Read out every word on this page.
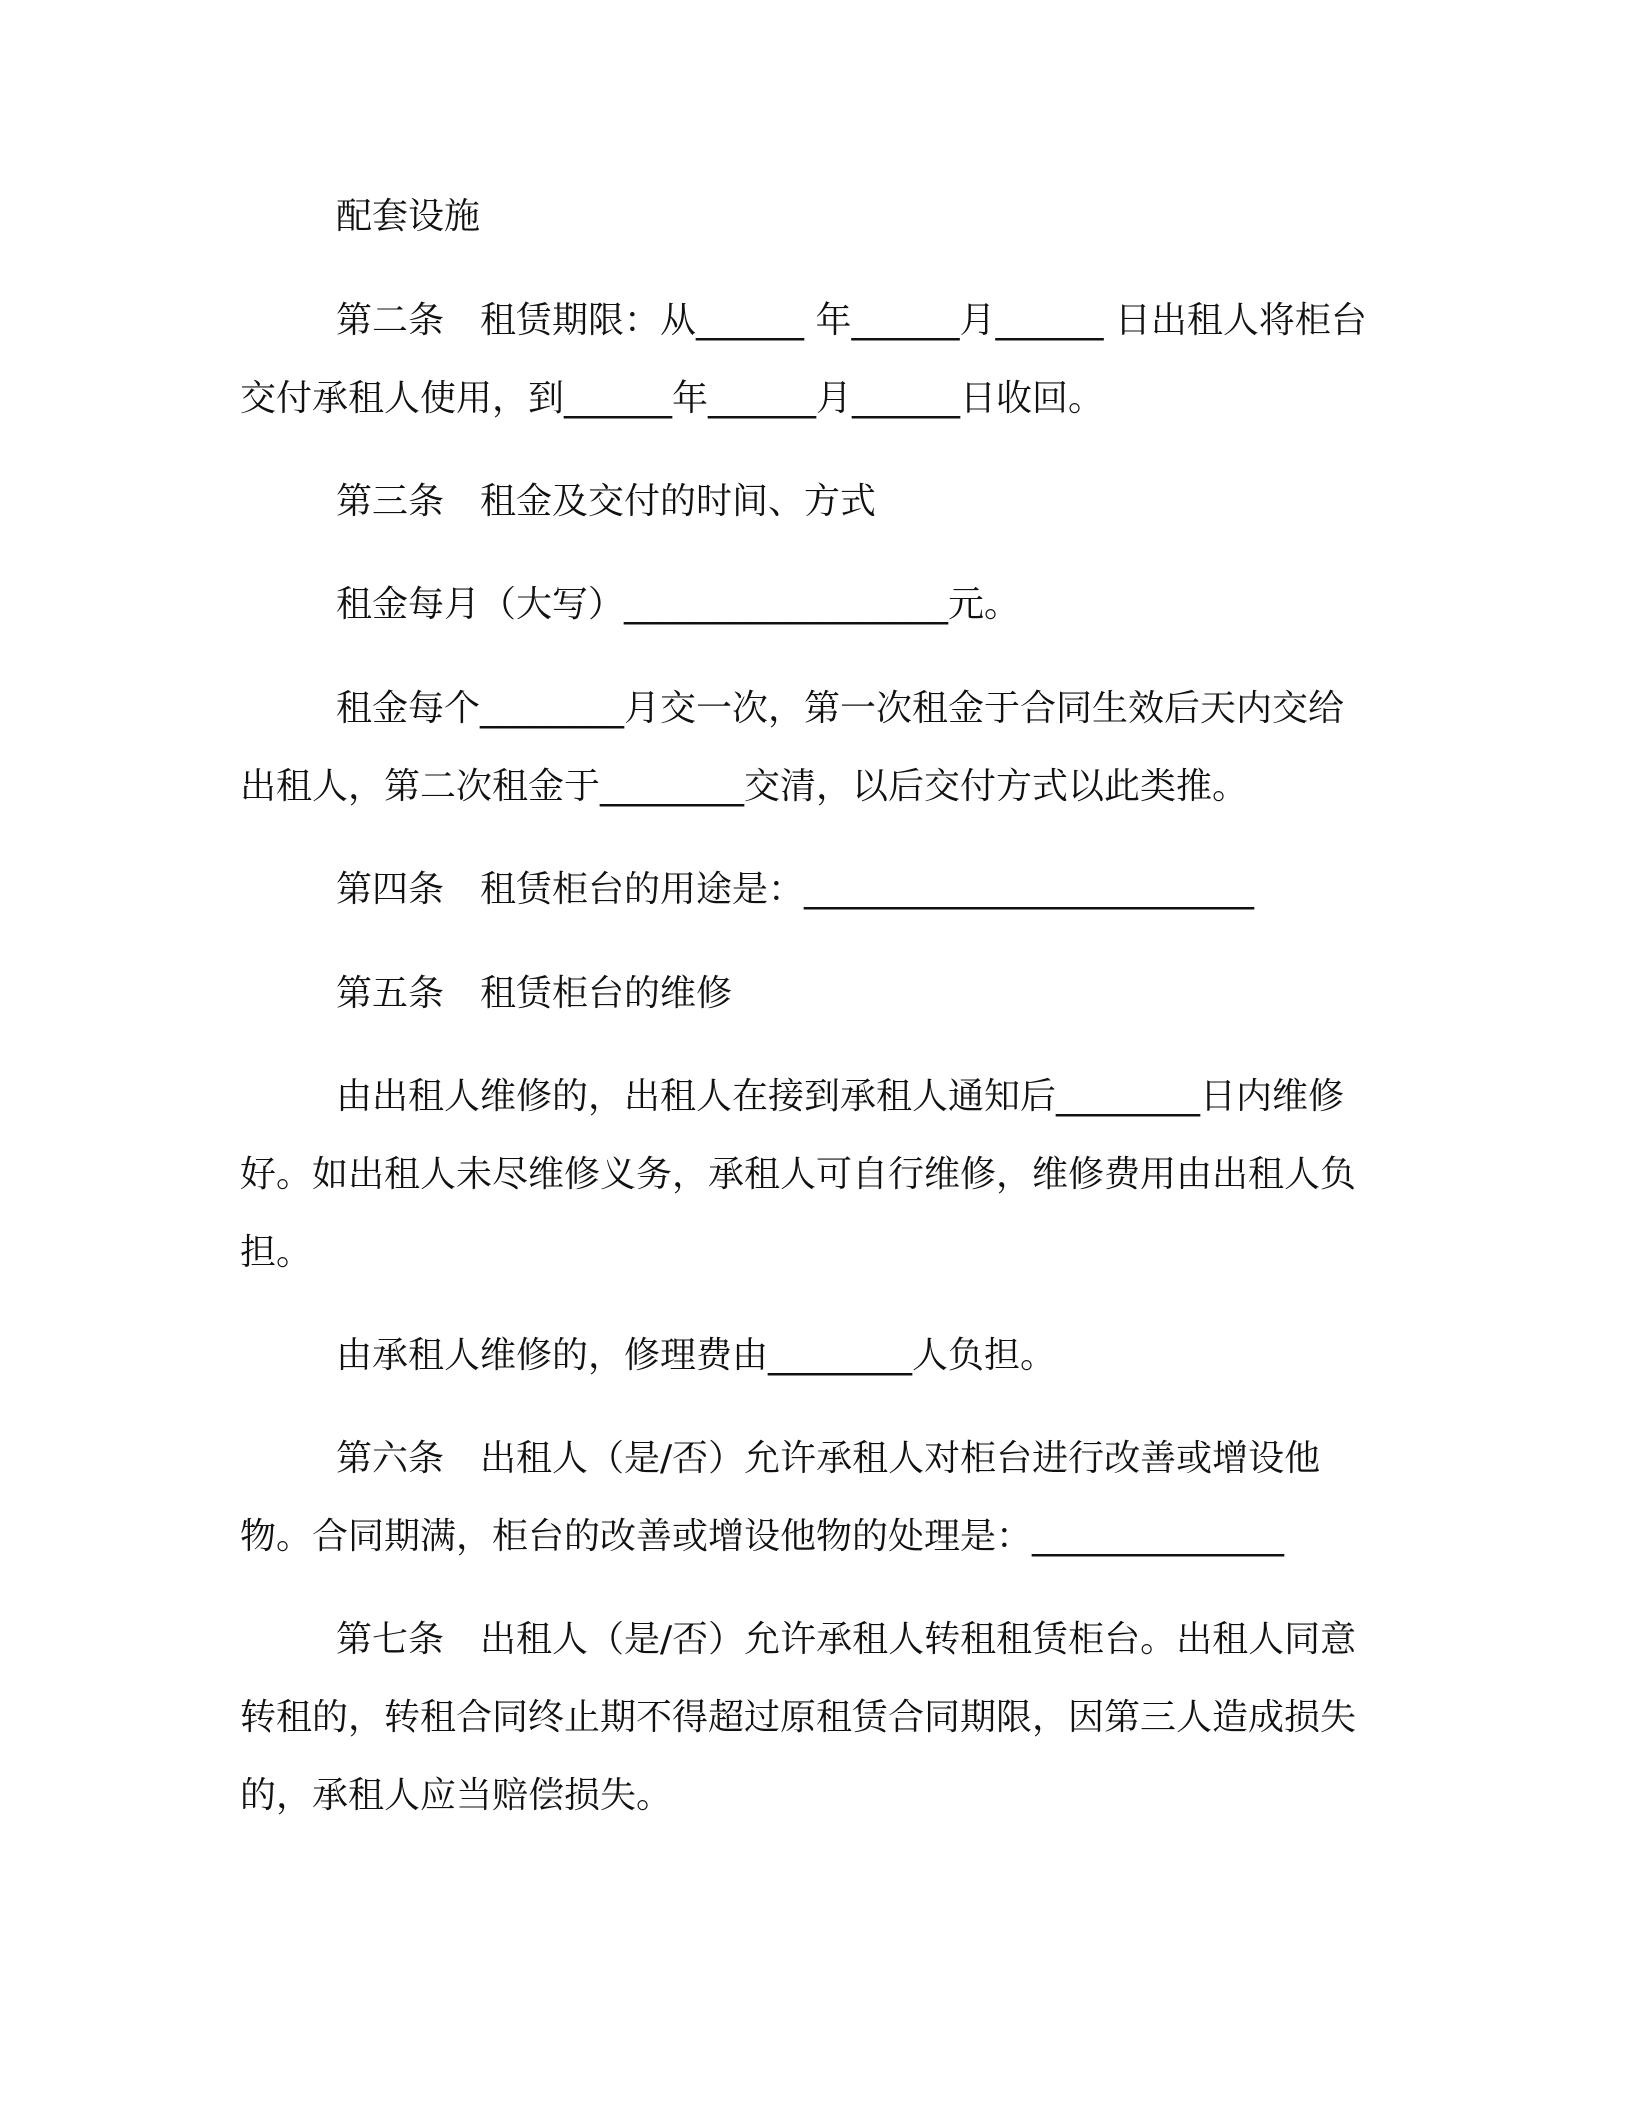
配套设施

第二条　租赁期限：从______ 年______月______ 日出租人将柜台交付承租人使用，到______年______月______日收回。

第三条　租金及交付的时间、方式

租金每月（大写）__________________元。

租金每个________月交一次，第一次租金于合同生效后天内交给出租人，第二次租金于________交清，以后交付方式以此类推。

第四条　租赁柜台的用途是：_________________________

第五条　租赁柜台的维修

由出租人维修的，出租人在接到承租人通知后________日内维修好。如出租人未尽维修义务，承租人可自行维修，维修费用由出租人负担。

由承租人维修的，修理费由________人负担。

第六条　出租人（是/否）允许承租人对柜台进行改善或增设他物。合同期满，柜台的改善或增设他物的处理是：______________

第七条　出租人（是/否）允许承租人转租租赁柜台。出租人同意转租的，转租合同终止期不得超过原租赁合同期限，因第三人造成损失的，承租人应当赔偿损失。
